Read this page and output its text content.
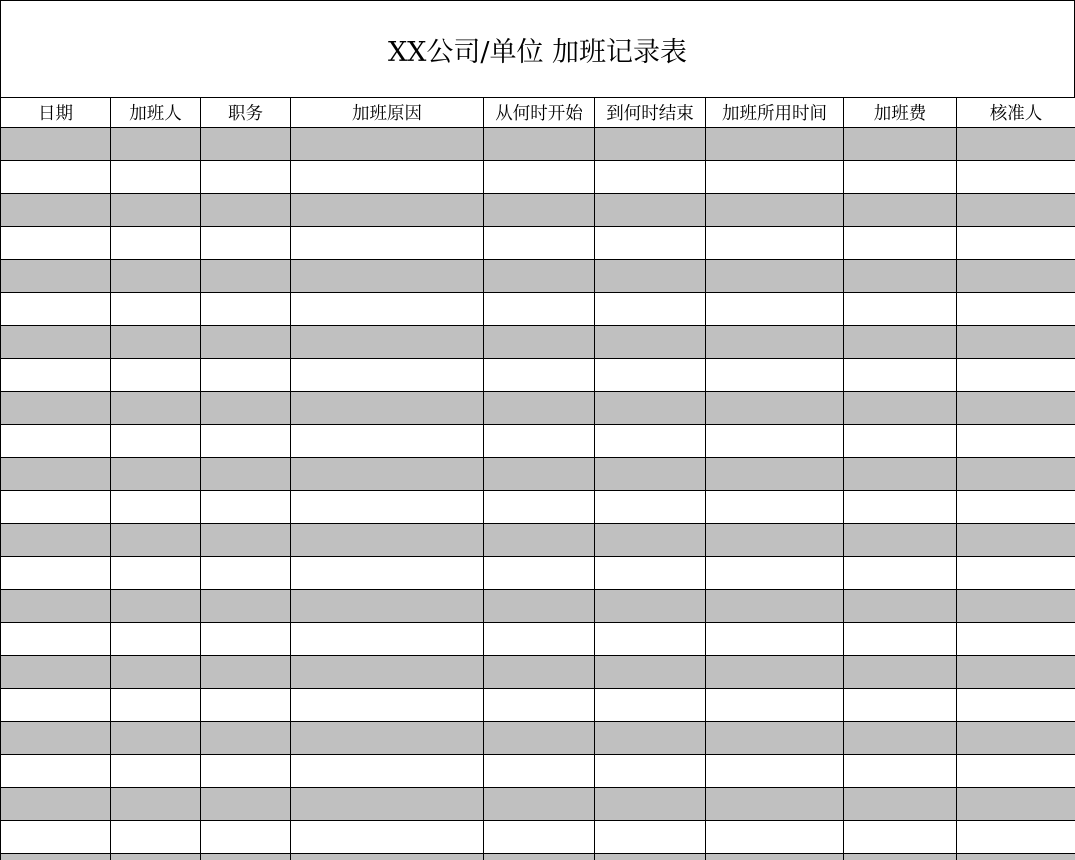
XX公司/单位 加班记录表
日期	加班人	职务	加班原因	从何时开始	到何时结束	加班所用时间	加班费	核准人
